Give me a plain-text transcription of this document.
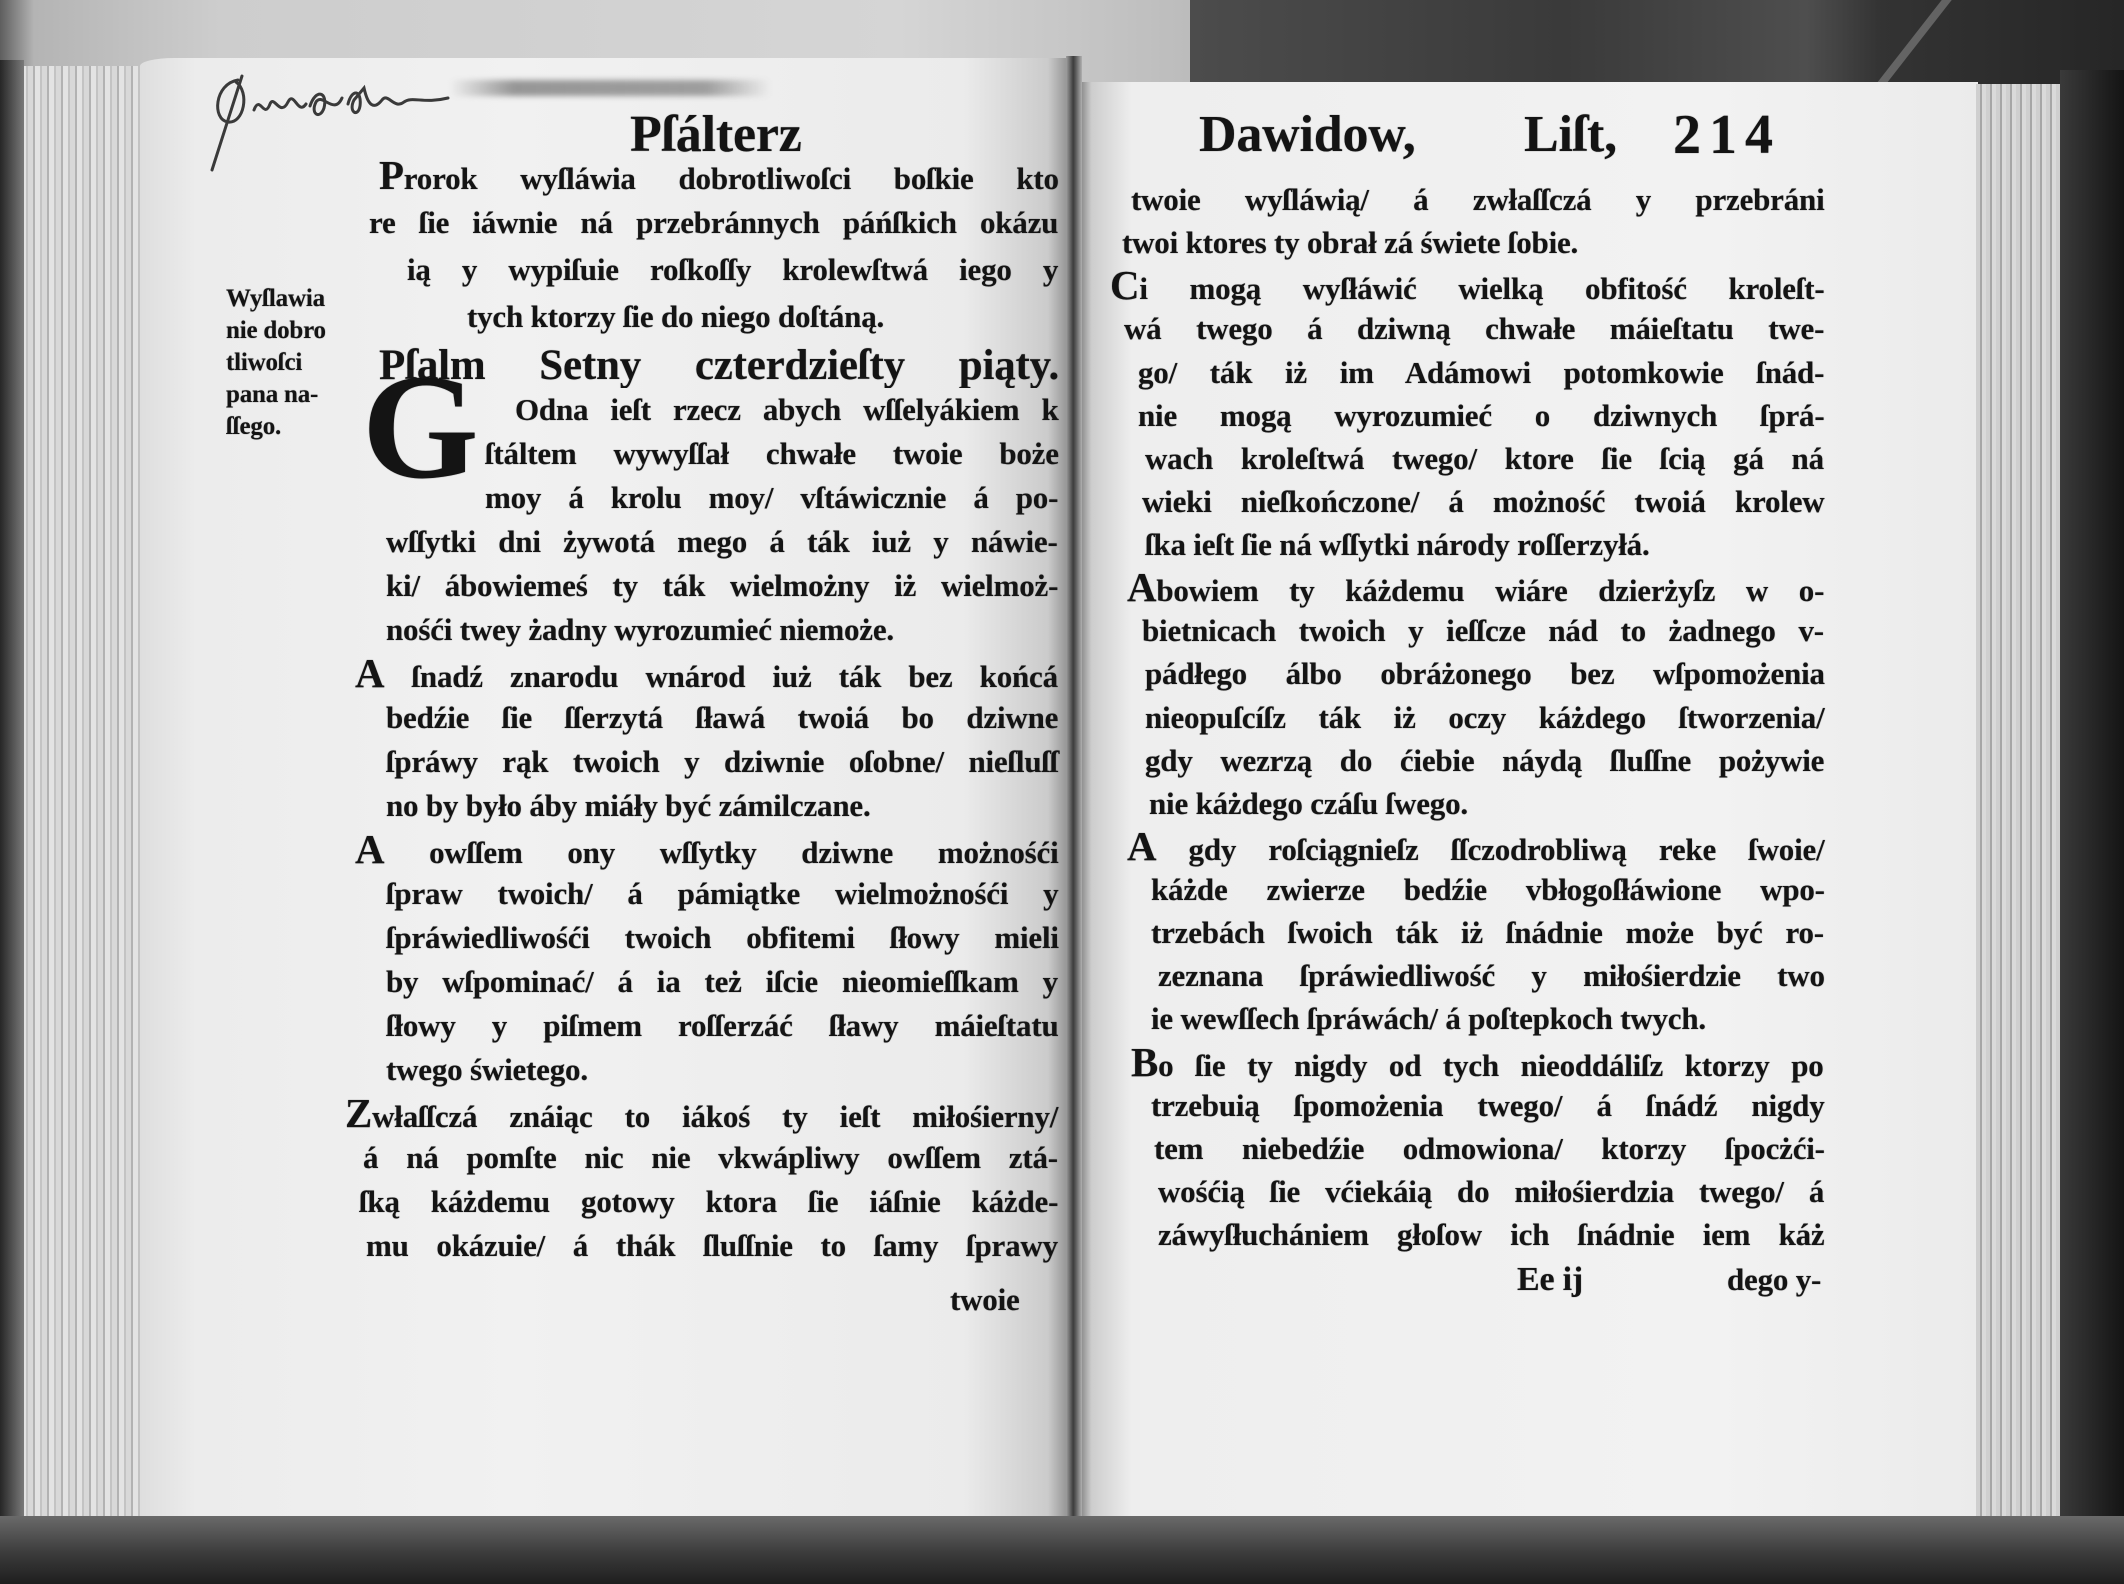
Pſálterz
Wyſlawia
nie dobro
tliwoſci
pana na-
ſſego.
Prorok wyſláwia dobrotliwoſci boſkie kto
re ſie iáwnie ná przebránnych páńſkich okázu
ią y wypiſuie roſkoſſy krolewſtwá iego y
tych ktorzy ſie do niego doſtáną.
G
Pſalm Setny czterdzieſty piąty.
Odna ieſt rzecz abych wſſelyákiem k
ſtáltem wywyſſał chwałe twoie boże
moy á krolu moy/ vſtáwicznie á po-
wſſytki dni żywotá mego á ták iuż y náwie-
ki/ ábowiemeś ty ták wielmożny iż wielmoż-
nośći twey żadny wyrozumieć niemoże.
A ſnadź znarodu wnárod iuż ták bez końcá
bedźie ſie ſſerzytá ſławá twoiá bo dziwne
ſpráwy rąk twoich y dziwnie oſobne/ nieſluſſ
no by było áby miáły być zámilczane.
A owſſem ony wſſytky dziwne możnośći
ſpraw twoich/ á pámiątke wielmożnośći y
ſpráwiedliwośći twoich obfitemi ſłowy mieli
by wſpominać/ á ia też iſcie nieomieſſkam y
ſłowy y piſmem roſſerzáć ſławy máieſtatu
twego świetego.
Zwłaſſczá znáiąc to iákoś ty ieſt miłośierny/
á ná pomſte nic nie vkwápliwy owſſem ztá-
ſką káżdemu gotowy ktora ſie iáſnie káżde-
mu okázuie/ á thák ſluſſnie to ſamy ſprawy
twoie
Dawidow, Liſt, 214
twoie wyſláwią/ á zwłaſſczá y przebráni
twoi ktores ty obrał zá świete ſobie.
Ci mogą wyſłáwić wielką obfitość kroleſt-
wá twego á dziwną chwałe máieſtatu twe-
go/ ták iż im Adámowi potomkowie ſnád-
nie mogą wyrozumieć o dziwnych ſprá-
wach kroleſtwá twego/ ktore ſie ſcią gá ná
wieki nieſkończone/ á możność twoiá krolew
ſka ieſt ſie ná wſſytki národy roſſerzyłá.
Abowiem ty káżdemu wiáre dzierżyſz w o-
bietnicach twoich y ieſſcze nád to żadnego v-
pádłego álbo obráżonego bez wſpomożenia
nieopuſcíſz ták iż oczy káżdego ſtworzenia/
gdy wezrzą do ćiebie náydą ſluſſne pożywie
nie káżdego czáſu ſwego.
A gdy roſciągnieſz ſſczodrobliwą reke ſwoie/
káżde zwierze bedźie vbłogoſłáwione wpo-
trzebách ſwoich ták iż ſnádnie może być ro-
zeznana ſpráwiedliwość y miłośierdzie two
ie wewſſech ſpráwách/ á poſtepkoch twych.
Bo ſie ty nigdy od tych nieoddáliſz ktorzy po
trzebuią ſpomożenia twego/ á ſnádź nigdy
tem niebedźie odmowiona/ ktorzy ſpocżći-
wośćią ſie vćiekáią do miłośierdzia twego/ á
záwyſłuchániem głoſow ich ſnádnie iem káż
Ee ij	dego y-
